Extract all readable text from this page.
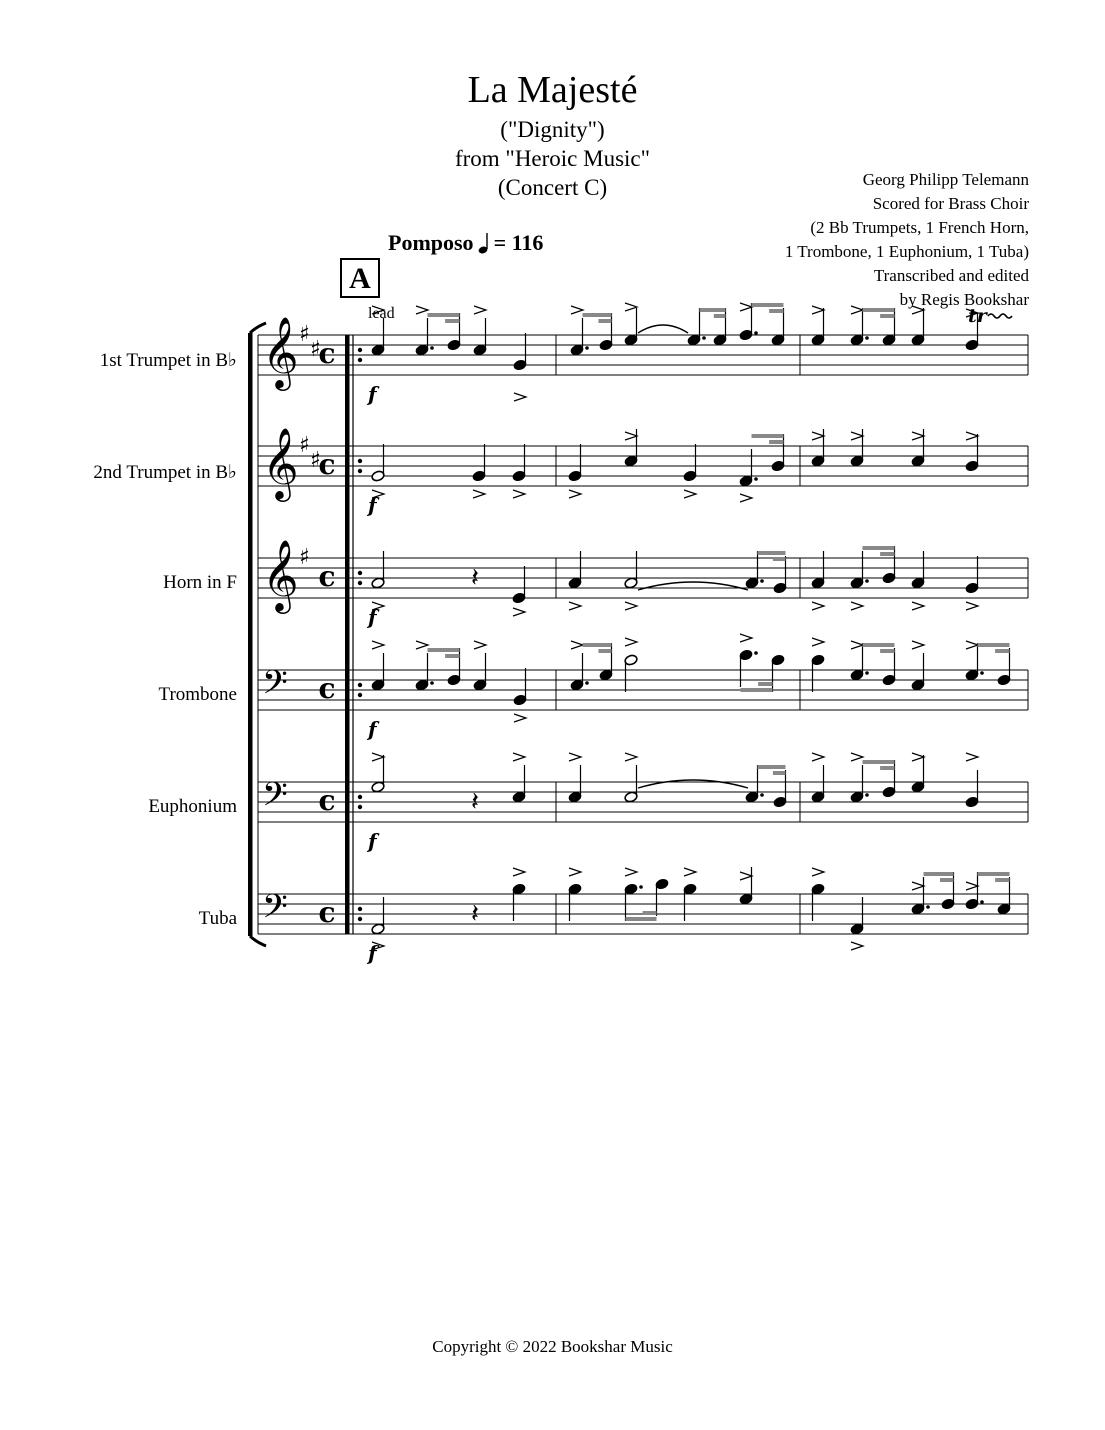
La Majesté
("Dignity")
from "Heroic Music"
(Concert C)	Georg Philipp Telemann
Scored for Brass Choir
(2 Bb Trumpets, 1 French Horn,
1 Trombone, 1 Euphonium, 1 Tuba)
Transcribed and edited
by Regis Bookshar
Pomposo = 116
A
lead
1st Trumpet in B♭
2nd Trumpet in B♭
Horn in F
Trombone
Euphonium
Tuba
𝄞 ♯
♯
c
𝄞 ♯
♯
c
𝄞 ♯
c
𝄢 c
𝄢 c
𝄢 c
tr
f
f
𝄽
f
f
𝄽
f
𝄽
f
Copyright © 2022 Bookshar Music
